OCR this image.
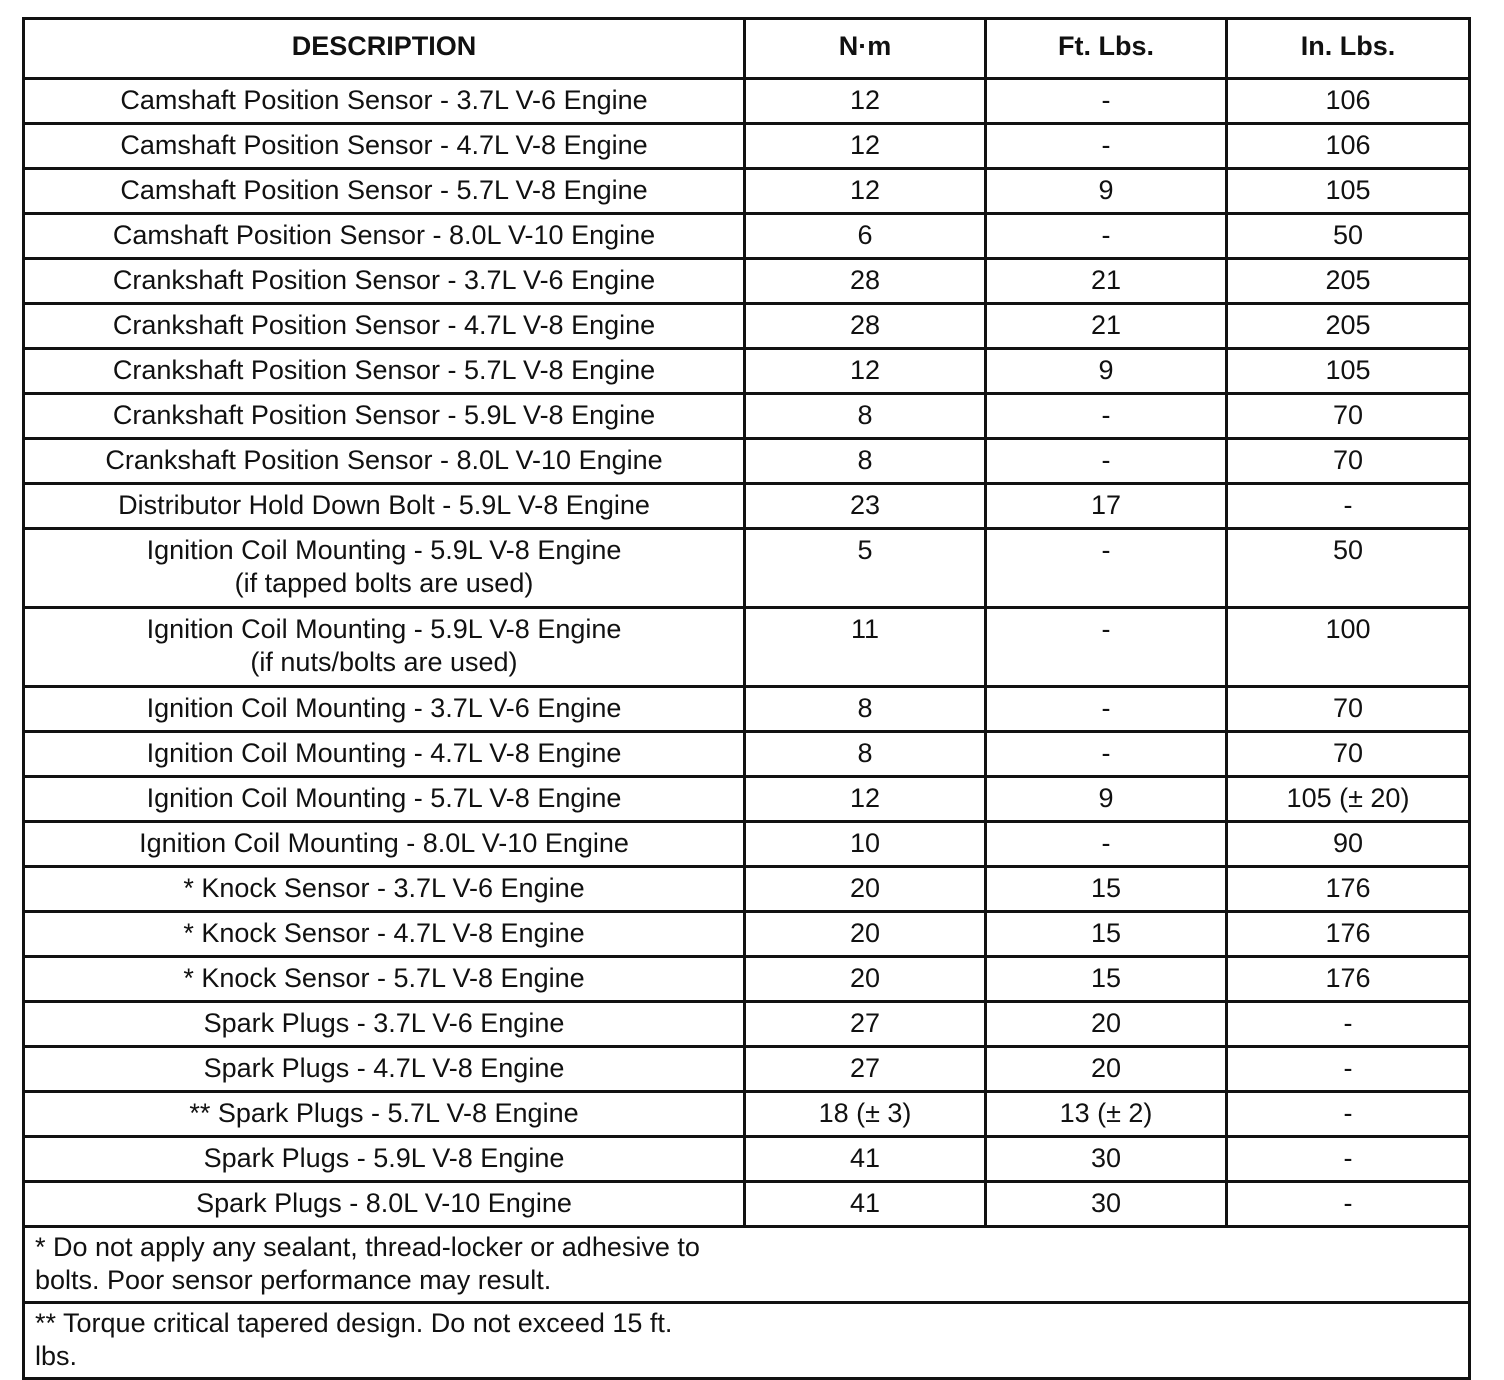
DESCRIPTION	N·m	Ft. Lbs.	In. Lbs.
Camshaft Position Sensor - 3.7L V-6 Engine	12	-	106
Camshaft Position Sensor - 4.7L V-8 Engine	12	-	106
Camshaft Position Sensor - 5.7L V-8 Engine	12	9	105
Camshaft Position Sensor - 8.0L V-10 Engine	6	-	50
Crankshaft Position Sensor - 3.7L V-6 Engine	28	21	205
Crankshaft Position Sensor - 4.7L V-8 Engine	28	21	205
Crankshaft Position Sensor - 5.7L V-8 Engine	12	9	105
Crankshaft Position Sensor - 5.9L V-8 Engine	8	-	70
Crankshaft Position Sensor - 8.0L V-10 Engine	8	-	70
Distributor Hold Down Bolt - 5.9L V-8 Engine	23	17	-
Ignition Coil Mounting - 5.9L V-8 Engine
(if tapped bolts are used)	5	-	50
Ignition Coil Mounting - 5.9L V-8 Engine
(if nuts/bolts are used)	11	-	100
Ignition Coil Mounting - 3.7L V-6 Engine	8	-	70
Ignition Coil Mounting - 4.7L V-8 Engine	8	-	70
Ignition Coil Mounting - 5.7L V-8 Engine	12	9	105 (± 20)
Ignition Coil Mounting - 8.0L V-10 Engine	10	-	90
* Knock Sensor - 3.7L V-6 Engine	20	15	176
* Knock Sensor - 4.7L V-8 Engine	20	15	176
* Knock Sensor - 5.7L V-8 Engine	20	15	176
Spark Plugs - 3.7L V-6 Engine	27	20	-
Spark Plugs - 4.7L V-8 Engine	27	20	-
** Spark Plugs - 5.7L V-8 Engine	18 (± 3)	13 (± 2)	-
Spark Plugs - 5.9L V-8 Engine	41	30	-
Spark Plugs - 8.0L V-10 Engine	41	30	-

* Do not apply any sealant, thread-locker or adhesive to bolts. Poor sensor performance may result.			

** Torque critical tapered design. Do not exceed 15 ft. lbs.			
